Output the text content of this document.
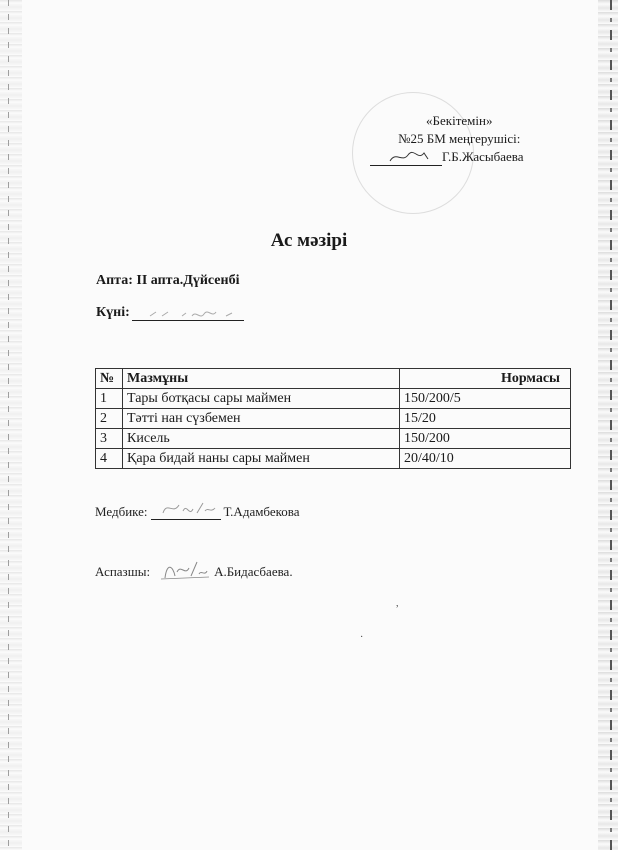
«Бекітемін»
№25 БМ меңгерушісі:
Г.Б.Жасыбаева
Ас мәзірі
Апта: II апта.Дүйсенбі
Күні:
№	Мазмұны	Нормасы
1	Тары ботқасы сары маймен	150/200/5
2	Тәтті нан сүзбемен	15/20
3	Кисель	150/200
4	Қара бидай наны сары маймен	20/40/10
Медбике:	Т.Адамбекова
Аспазшы:	А.Бидасбаева.
,
·
